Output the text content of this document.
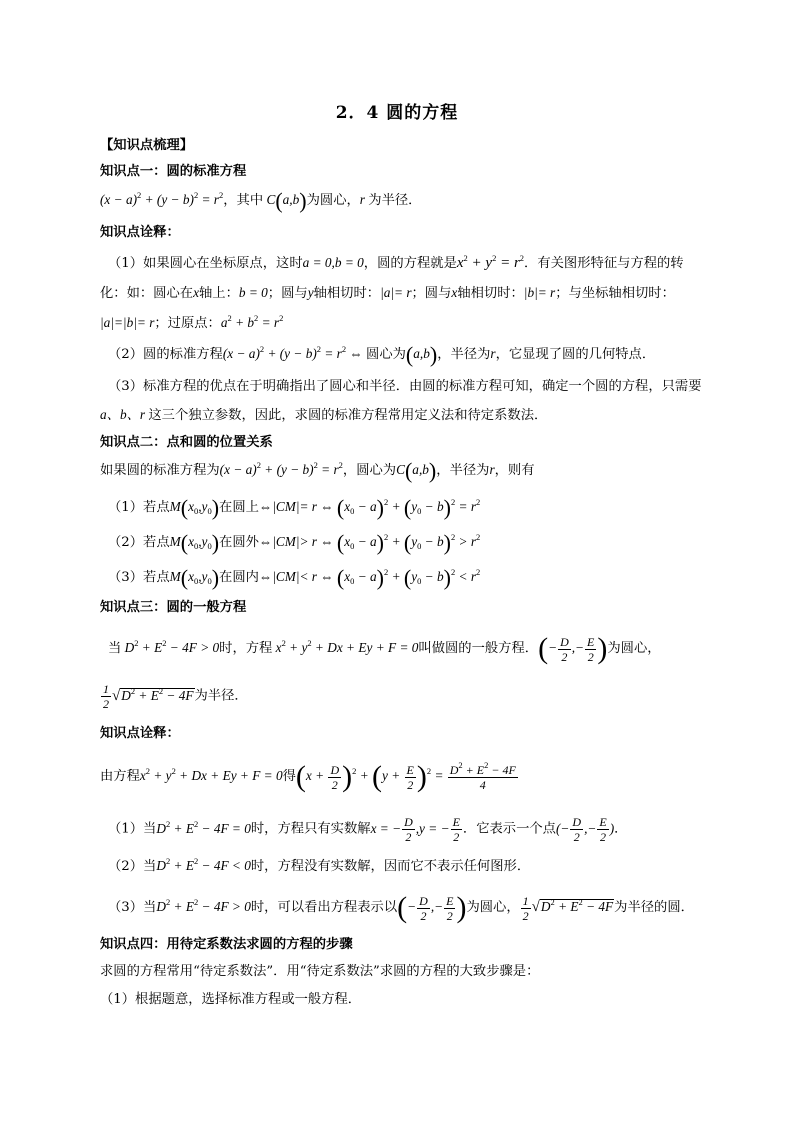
2．4 圆的方程
【知识点梳理】
知识点一：圆的标准方程
$(x - a)^2 + (y - b)^2 = r^2$，其中 C(a,b)为圆心，r 为半径．
知识点诠释：
（1）如果圆心在坐标原点，这时a = 0,b = 0，圆的方程就是$x^2 + y^2 = r^2$．有关图形特征与方程的转
化：如：圆心在x轴上：b = 0；圆与y轴相切时：|a|= r；圆与x轴相切时：|b|= r；与坐标轴相切时：
|a|=|b|= r；过原点：$a^2 + b^2 = r^2$
（2）圆的标准方程$(x - a)^2 + (y - b)^2 = r^2$ ⇔ 圆心为(a,b)，半径为r，它显现了圆的几何特点．
（3）标准方程的优点在于明确指出了圆心和半径．由圆的标准方程可知，确定一个圆的方程，只需要
a、b、r 这三个独立参数，因此，求圆的标准方程常用定义法和待定系数法．
知识点二：点和圆的位置关系
如果圆的标准方程为$(x - a)^2 + (y - b)^2 = r^2$，圆心为C(a,b)，半径为r，则有
（1）若点$M(x_0,y_0)$在圆上⇔|CM|= r ⇔ $(x_0 - a)^2 + (y_0 - b)^2 = r^2$
（2）若点$M(x_0,y_0)$在圆外⇔|CM|> r ⇔ $(x_0 - a)^2 + (y_0 - b)^2 > r^2$
（3）若点$M(x_0,y_0)$在圆内⇔|CM|< r ⇔ $(x_0 - a)^2 + (y_0 - b)^2 < r^2$
知识点三：圆的一般方程
当 $D^2 + E^2 - 4F > 0$时，方程 $x^2 + y^2 + Dx + Ey + F = 0$叫做圆的一般方程．(− $\frac{D}{2}$ ,− $\frac{E}{2}$ )为圆心，
$\frac{1}{2} √D^2 + E^2 - 4F$为半径．
知识点诠释：
由方程$x^2 + y^2 + Dx + Ey + F = 0$得$(x + \frac{D}{2} )^2 + (y + \frac{E}{2} )^2 = \frac{D^2 + E^2 - 4F}{4}$
（1）当$D^2 + E^2 - 4F = 0$时，方程只有实数解x = − $\frac{D}{2} ,y$ = − $\frac{E}{2}$ ．它表示一个点(− $\frac{D}{2}$ ,− $\frac{E}{2}$ )．
（2）当$D^2 + E^2 - 4F < 0$时，方程没有实数解，因而它不表示任何图形．
（3）当$D^2 + E^2 - 4F > 0$时，可以看出方程表示以(− $\frac{D}{2}$ ,− $\frac{E}{2}$ )为圆心， $\frac{1}{2} √D^2 + E^2 - 4F$为半径的圆．
知识点四：用待定系数法求圆的方程的步骤
求圆的方程常用“待定系数法”．用“待定系数法”求圆的方程的大致步骤是：
（1）根据题意，选择标准方程或一般方程．
